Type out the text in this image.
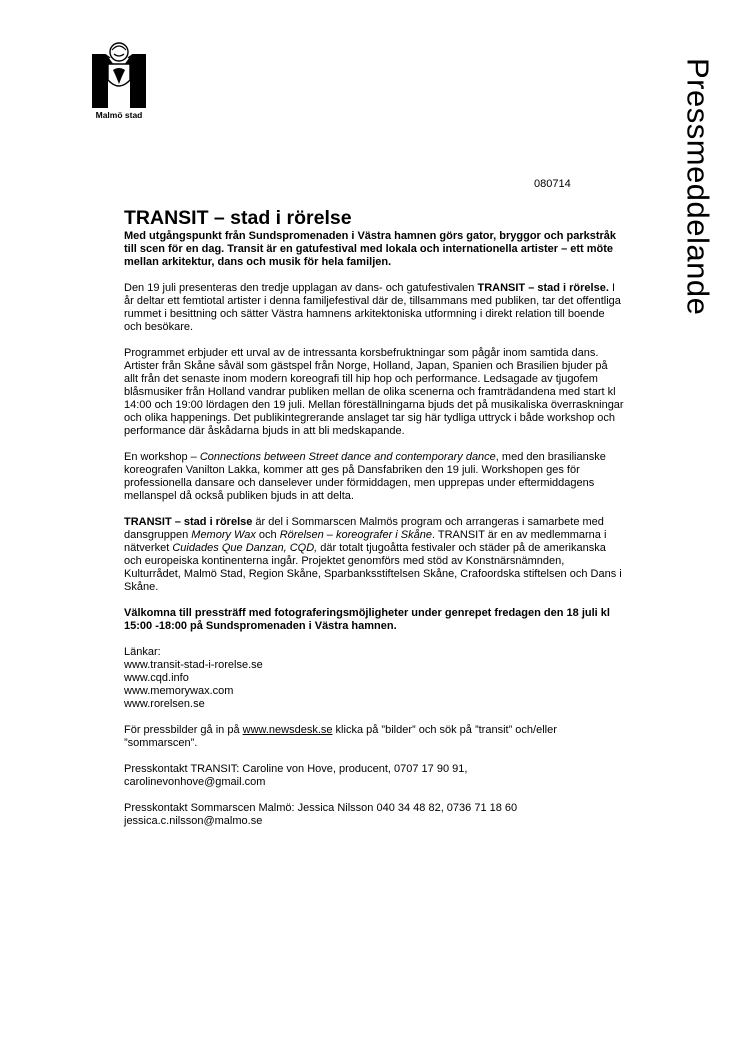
Malmö stad	Pressmeddelande
080714
TRANSIT – stad i rörelse

Med utgångspunkt från Sundspromenaden i Västra hamnen görs gator, bryggor och parkstråk till scen för en dag. Transit är en gatufestival med lokala och internationella artister – ett möte mellan arkitektur, dans och musik för hela familjen.

Den 19 juli presenteras den tredje upplagan av dans- och gatufestivalen TRANSIT – stad i rörelse. I år deltar ett femtiotal artister i denna familjefestival där de, tillsammans med publiken, tar det offentliga rummet i besittning och sätter Västra hamnens arkitektoniska utformning i direkt relation till boende och besökare.

Programmet erbjuder ett urval av de intressanta korsbefruktningar som pågår inom samtida dans. Artister från Skåne såväl som gästspel från Norge, Holland, Japan, Spanien och Brasilien bjuder på allt från det senaste inom modern koreografi till hip hop och performance. Ledsagade av tjugofem blåsmusiker från Holland vandrar publiken mellan de olika scenerna och framträdandena med start kl 14:00 och 19:00 lördagen den 19 juli. Mellan föreställningarna bjuds det på musikaliska överraskningar och olika happenings. Det publikintegrerande anslaget tar sig här tydliga uttryck i både workshop och performance där åskådarna bjuds in att bli medskapande.

En workshop – Connections between Street dance and contemporary dance, med den brasilianske koreografen Vanilton Lakka, kommer att ges på Dansfabriken den 19 juli. Workshopen ges för professionella dansare och danselever under förmiddagen, men upprepas under eftermiddagens mellanspel då också publiken bjuds in att delta.

TRANSIT – stad i rörelse är del i Sommarscen Malmös program och arrangeras i samarbete med dansgruppen Memory Wax och Rörelsen – koreografer i Skåne. TRANSIT är en av medlemmarna i nätverket Cuidades Que Danzan, CQD, där totalt tjugoåtta festivaler och städer på de amerikanska och europeiska kontinenterna ingår. Projektet genomförs med stöd av Konstnärsnämnden, Kulturrådet, Malmö Stad, Region Skåne, Sparbanksstiftelsen Skåne, Crafoordska stiftelsen och Dans i Skåne.

Välkomna till pressträff med fotograferingsmöjligheter under genrepet fredagen den 18 juli kl 15:00 -18:00 på Sundspromenaden i Västra hamnen.

Länkar:

www.transit-stad-i-rorelse.se

www.cqd.info

www.memorywax.com

www.rorelsen.se

För pressbilder gå in på www.newsdesk.se klicka på ”bilder” och sök på ”transit” och/eller ”sommarscen”.

Presskontakt TRANSIT: Caroline von Hove, producent, 0707 17 90 91,
carolinevonhove@gmail.com

Presskontakt Sommarscen Malmö: Jessica Nilsson 040 34 48 82, 0736 71 18 60
jessica.c.nilsson@malmo.se
